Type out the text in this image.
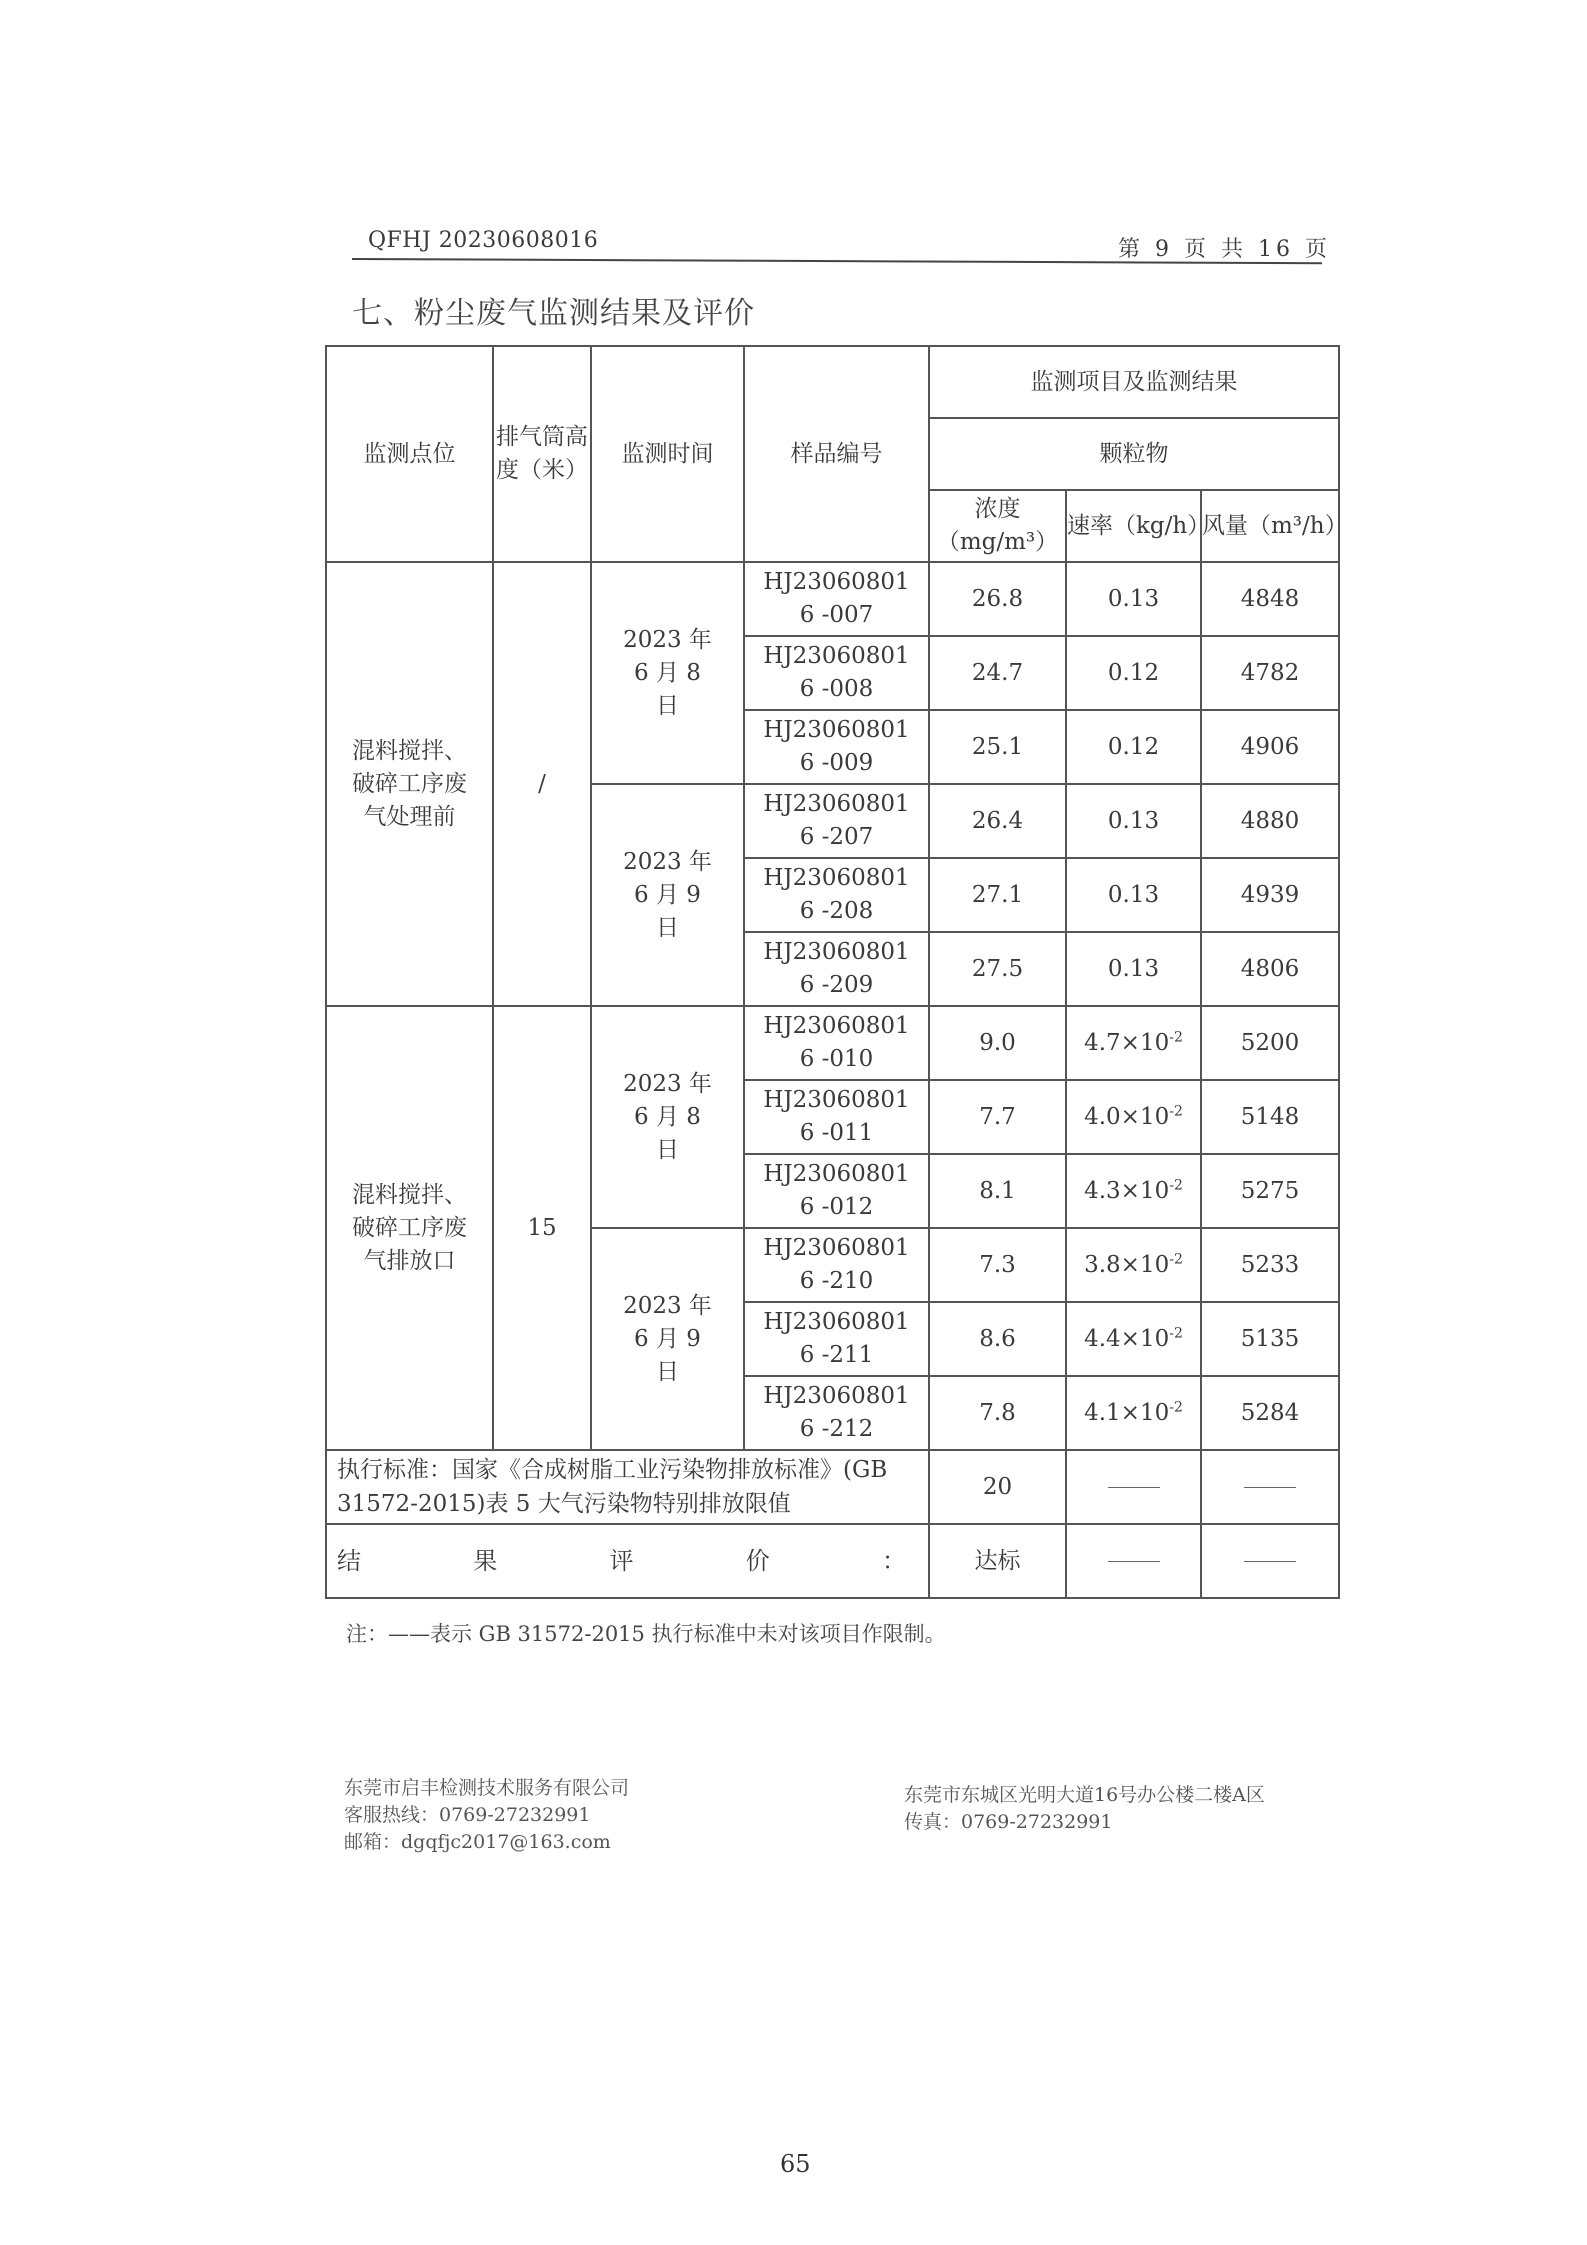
QFHJ 20230608016	第 9 页 共 16 页
七、粉尘废气监测结果及评价
监测点位	排气筒高度（米）	监测时间	样品编号	监测项目及监测结果		
				颗粒物		
				浓度（mg/m³）	速率（kg/h）	风量（m³/h）
混料搅拌、破碎工序废气处理前	/	2023 年 6 月 8 日	HJ230608016 -007	26.8	0.13	4848
			HJ230608016 -008	24.7	0.12	4782
			HJ230608016 -009	25.1	0.12	4906
		2023 年 6 月 9 日	HJ230608016 -207	26.4	0.13	4880
			HJ230608016 -208	27.1	0.13	4939
			HJ230608016 -209	27.5	0.13	4806
混料搅拌、破碎工序废气排放口	15	2023 年 6 月 8 日	HJ230608016 -010	9.0	$4.7\times 10^{-2}$	5200
			HJ230608016 -011	7.7	$4.0\times 10^{-2}$	5148
			HJ230608016 -012	8.1	$4.3\times 10^{-2}$	5275
		2023 年 6 月 9 日	HJ230608016 -210	7.3	$3.8\times 10^{-2}$	5233
			HJ230608016 -211	8.6	$4.4\times 10^{-2}$	5135
			HJ230608016 -212	7.8	$4.1\times 10^{-2}$	5284
执行标准：国家《合成树脂工业污染物排放标准》(GB 31572-2015)表 5 大气污染物特别排放限值				20		

结 果 评 价 ：				达标		
注：——表示 GB 31572-2015 执行标准中未对该项目作限制。
东莞市启丰检测技术服务有限公司
客服热线：0769-27232991
邮箱：dgqfjc2017@163.com
东莞市东城区光明大道16号办公楼二楼A区
传真：0769-27232991
65
